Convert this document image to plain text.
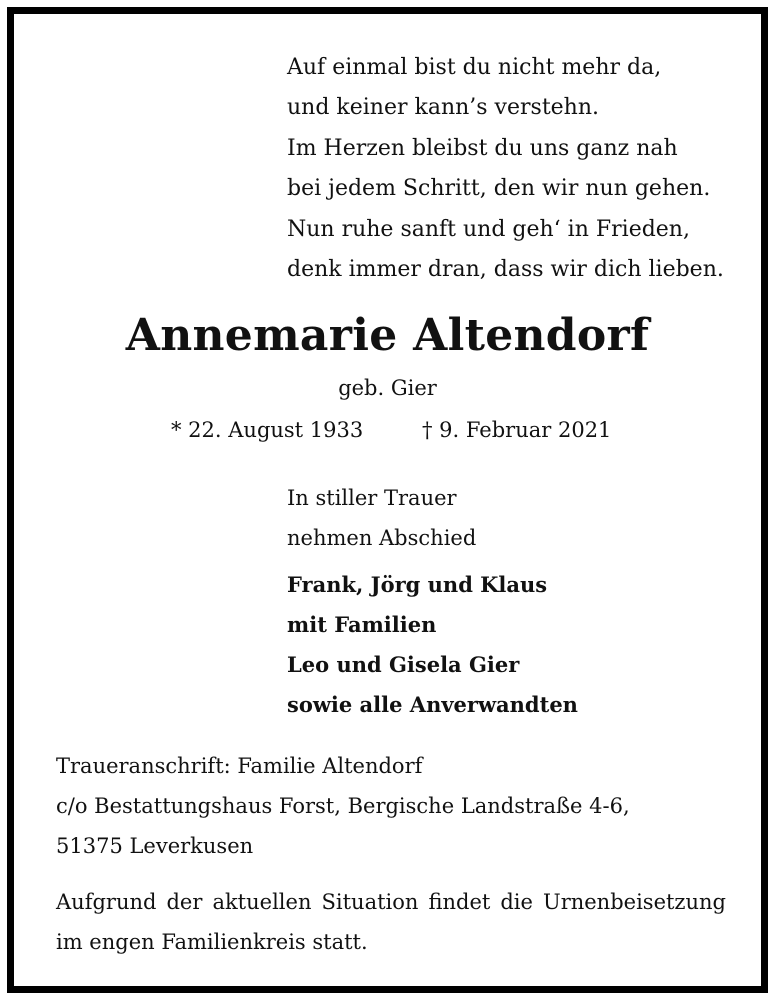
Auf einmal bist du nicht mehr da,
und keiner kann’s verstehn.
Im Herzen bleibst du uns ganz nah
bei jedem Schritt, den wir nun gehen.
Nun ruhe sanft und geh‘ in Frieden,
denk immer dran, dass wir dich lieben.
Annemarie Altendorf
geb. Gier
* 22. August 1933	† 9. Februar 2021
In stiller Trauer
nehmen Abschied
Frank, Jörg und Klaus
mit Familien
Leo und Gisela Gier
sowie alle Anverwandten
Traueranschrift: Familie Altendorf
c/o Bestattungshaus Forst, Bergische Landstraße 4-6,
51375 Leverkusen
Aufgrund der aktuellen Situation findet die Urnenbeisetzung
im engen Familienkreis statt.
